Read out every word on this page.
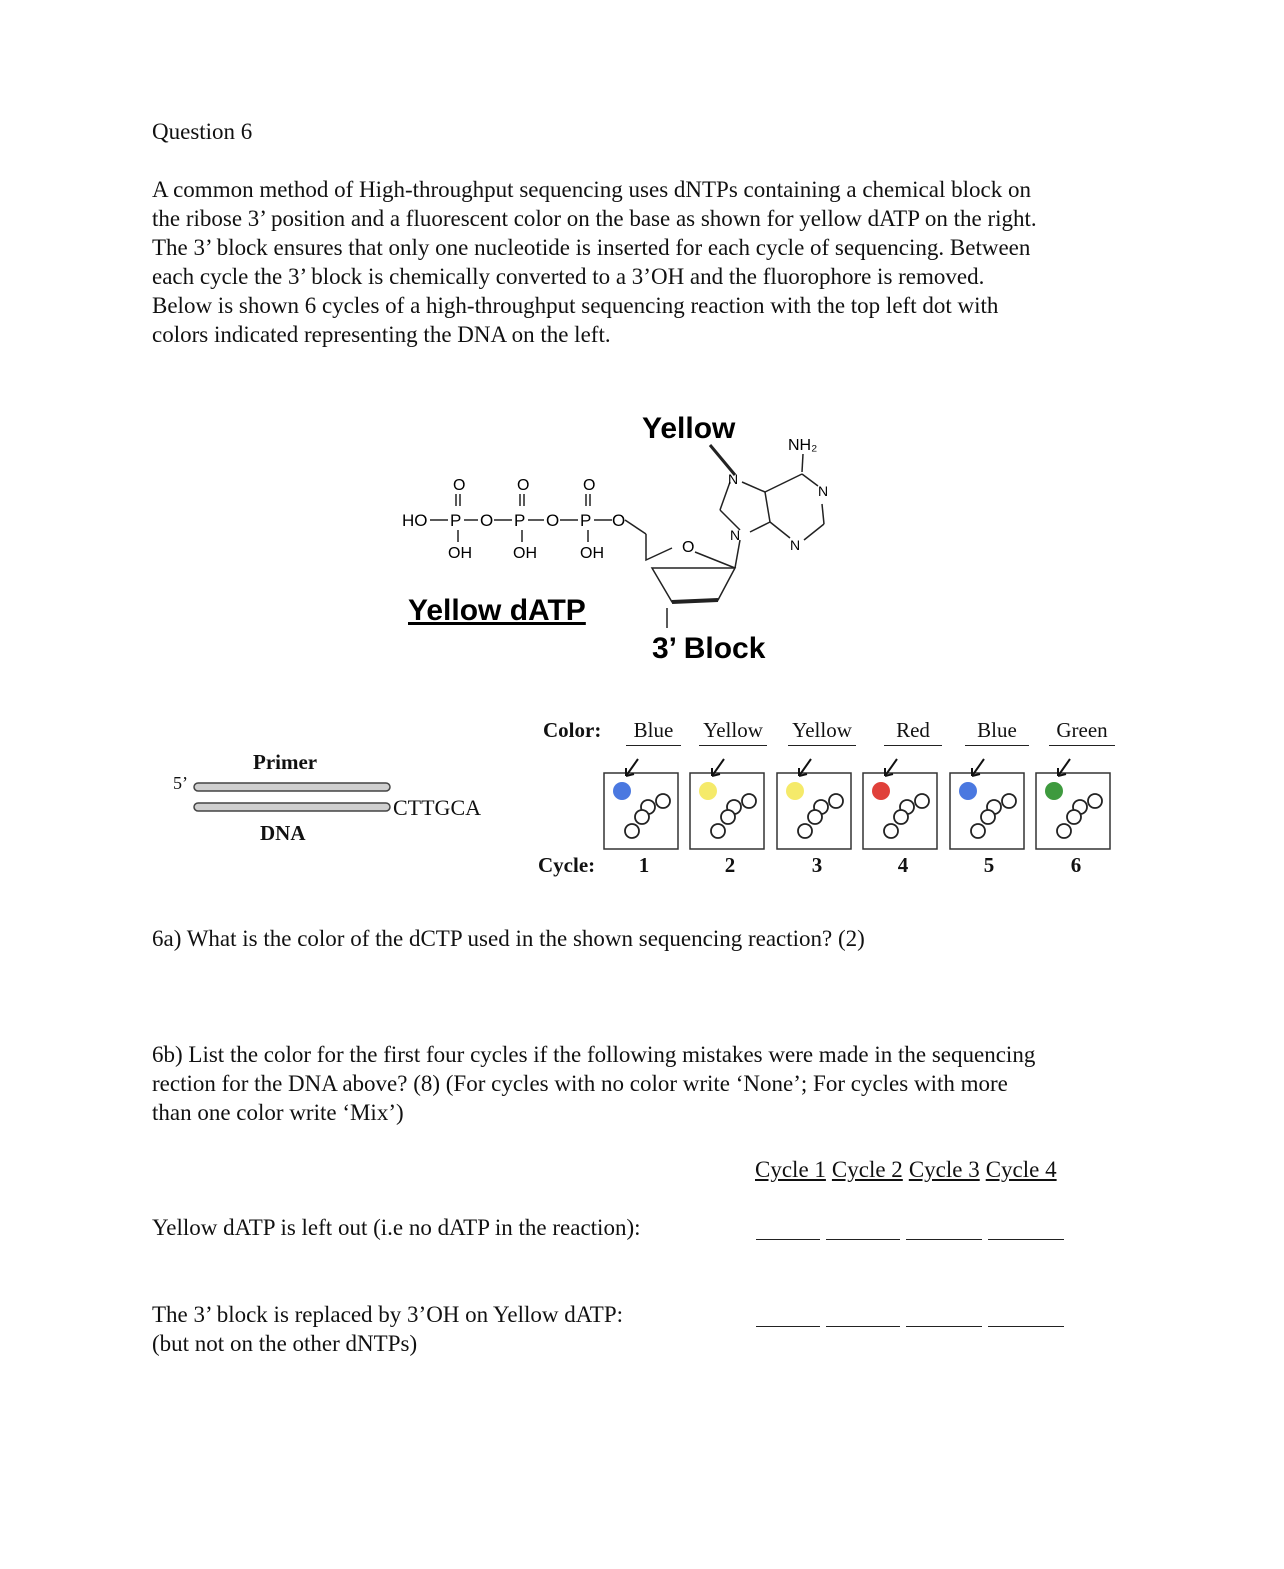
Question 6
A common method of High-throughput sequencing uses dNTPs containing a chemical block on
the ribose 3’ position and a fluorescent color on the base as shown for yellow dATP on the right.
The 3’ block ensures that only one nucleotide is inserted for each cycle of sequencing. Between
each cycle the 3’ block is chemically converted to a 3’OH and the fluorophore is removed.
Below is shown 6 cycles of a high-throughput sequencing reaction with the top left dot with
colors indicated representing the DNA on the left.
Yellow
NH₂
HO P O P O P O
O	O	O
OH	OH	OH	O
3’ Block
N
N
N
N
Yellow dATP
Primer
5’
CTTGCA
DNA
Color:	Blue	Yellow Yellow	Red	Blue	Green
Cycle: 1	2	3	4	5	6
6a) What is the color of the dCTP used in the shown sequencing reaction? (2)
6b) List the color for the first four cycles if the following mistakes were made in the sequencing
rection for the DNA above? (8) (For cycles with no color write ‘None’; For cycles with more
than one color write ‘Mix’)
Cycle 1 Cycle 2 Cycle 3 Cycle 4
Yellow dATP is left out (i.e no dATP in the reaction):
The 3’ block is replaced by 3’OH on Yellow dATP:
(but not on the other dNTPs)
